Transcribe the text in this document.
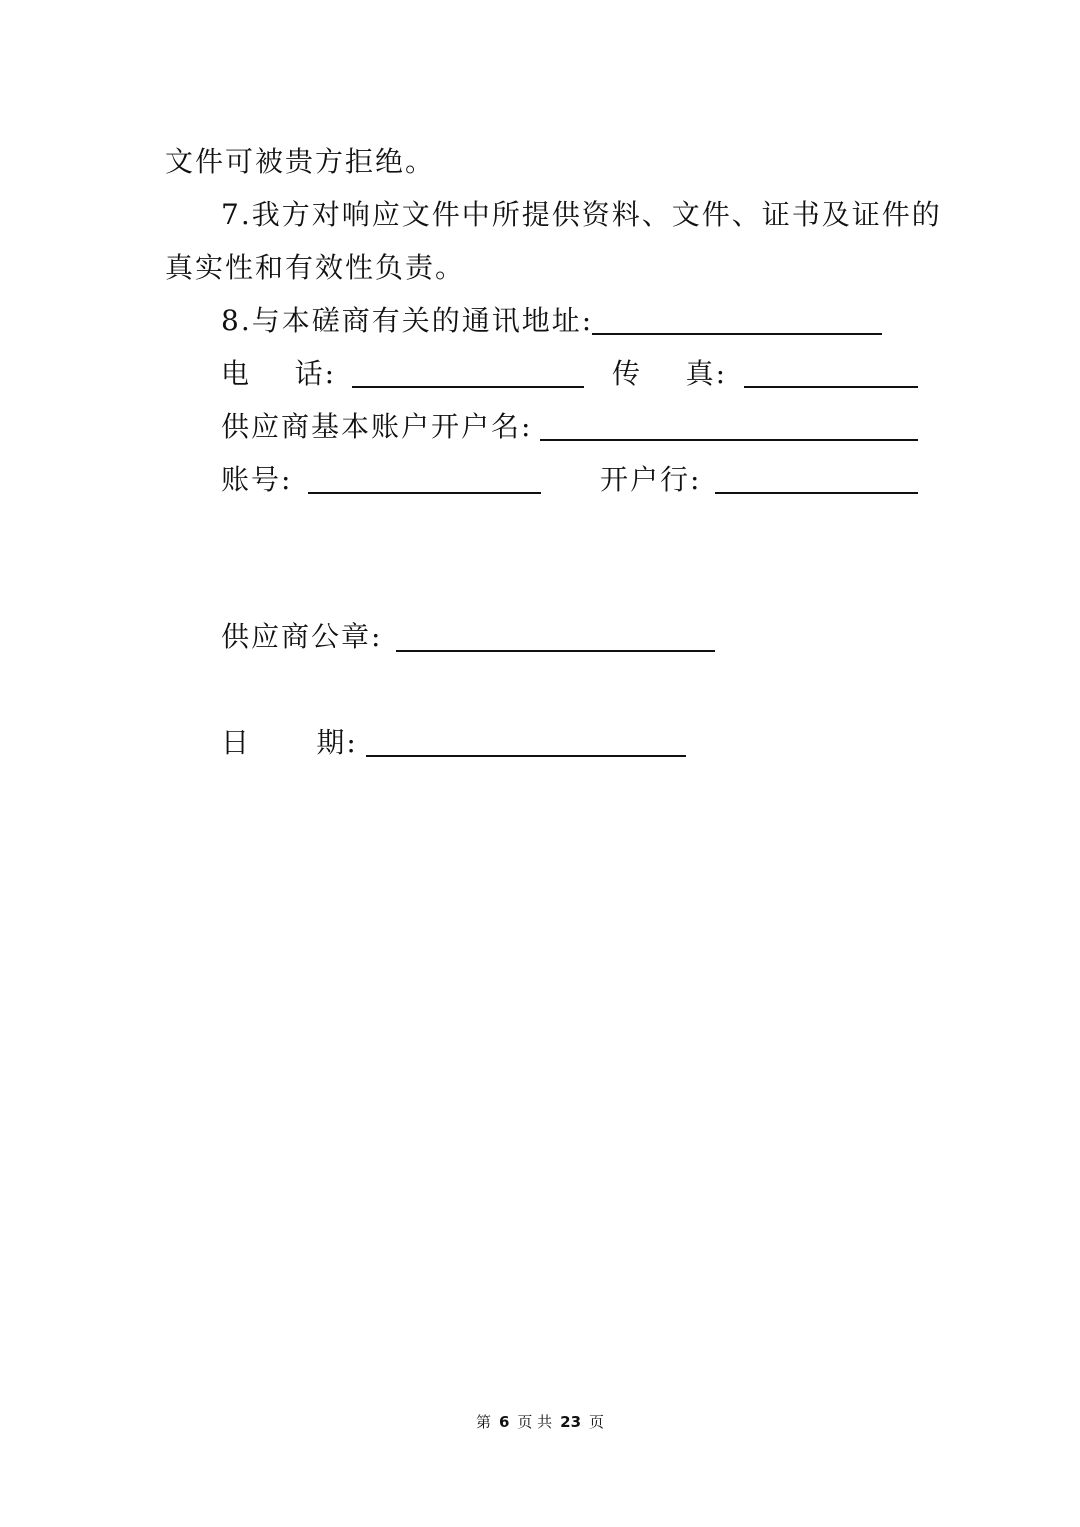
文件可被贵方拒绝。
7.我方对响应文件中所提供资料、文件、证书及证件的
真实性和有效性负责。
8.与本磋商有关的通讯地址:
电    话:	传    真:
供应商基本账户开户名:
账号:	开户行:
供应商公章:
日      期:
第 6 页 共 23 页
